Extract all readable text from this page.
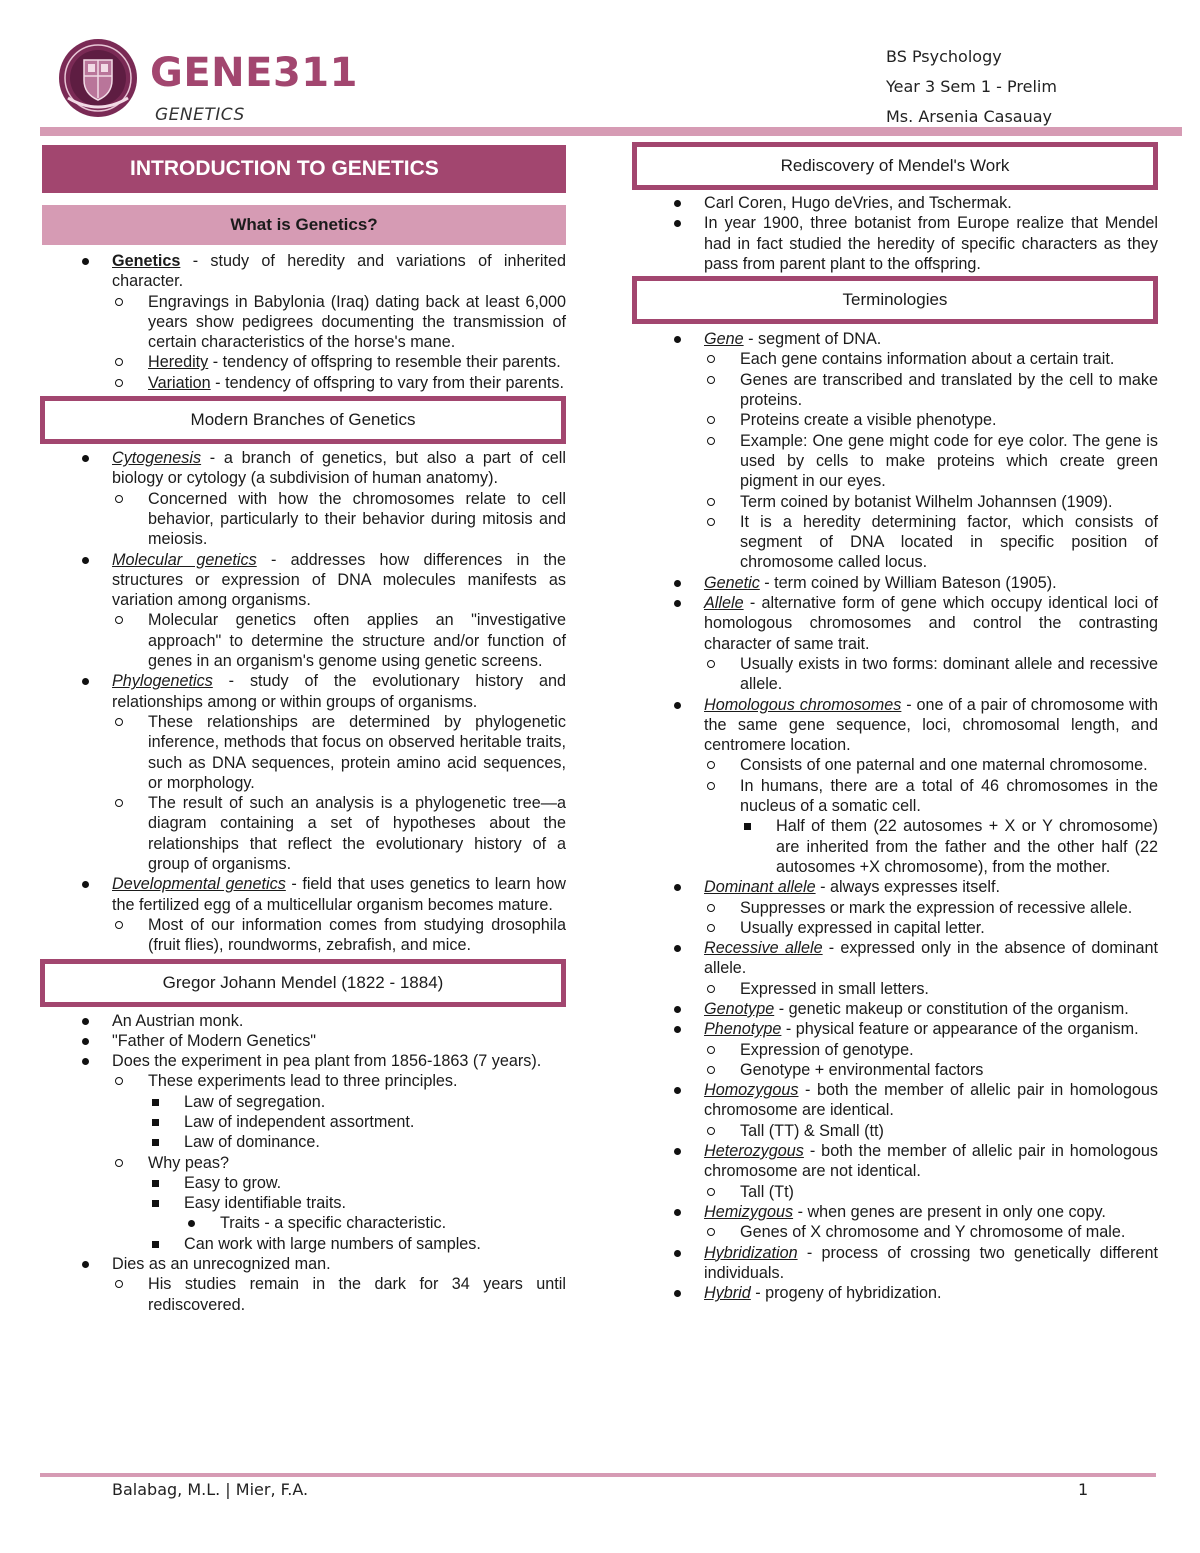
GENE311
GENETICS
BS Psychology
Year 3 Sem 1 - Prelim
Ms. Arsenia Casauay
INTRODUCTION TO GENETICS
What is Genetics?
Genetics - study of heredity and variations of inherited character.
Engravings in Babylonia (Iraq) dating back at least 6,000 years show pedigrees documenting the transmission of certain characteristics of the horse's mane.
Heredity - tendency of offspring to resemble their parents.
Variation - tendency of offspring to vary from their parents.
Modern Branches of Genetics
Cytogenesis - a branch of genetics, but also a part of cell biology or cytology (a subdivision of human anatomy).
Concerned with how the chromosomes relate to cell behavior, particularly to their behavior during mitosis and meiosis.
Molecular genetics - addresses how differences in the structures or expression of DNA molecules manifests as variation among organisms.
Molecular genetics often applies an "investigative approach" to determine the structure and/or function of genes in an organism's genome using genetic screens.
Phylogenetics - study of the evolutionary history and relationships among or within groups of organisms.
These relationships are determined by phylogenetic inference, methods that focus on observed heritable traits, such as DNA sequences, protein amino acid sequences, or morphology.
The result of such an analysis is a phylogenetic tree—a diagram containing a set of hypotheses about the relationships that reflect the evolutionary history of a group of organisms.
Developmental genetics - field that uses genetics to learn how the fertilized egg of a multicellular organism becomes mature.
Most of our information comes from studying drosophila (fruit flies), roundworms, zebrafish, and mice.
Gregor Johann Mendel (1822 - 1884)
An Austrian monk.
"Father of Modern Genetics"
Does the experiment in pea plant from 1856-1863 (7 years).
These experiments lead to three principles.
Law of segregation.
Law of independent assortment.
Law of dominance.
Why peas?
Easy to grow.
Easy identifiable traits.
Traits - a specific characteristic.
Can work with large numbers of samples.
Dies as an unrecognized man.
His studies remain in the dark for 34 years until rediscovered.
Rediscovery of Mendel's Work
Carl Coren, Hugo deVries, and Tschermak.
In year 1900, three botanist from Europe realize that Mendel had in fact studied the heredity of specific characters as they pass from parent plant to the offspring.
Terminologies
Gene - segment of DNA.
Each gene contains information about a certain trait.
Genes are transcribed and translated by the cell to make proteins.
Proteins create a visible phenotype.
Example: One gene might code for eye color. The gene is used by cells to make proteins which create green pigment in our eyes.
Term coined by botanist Wilhelm Johannsen (1909).
It is a heredity determining factor, which consists of segment of DNA located in specific position of chromosome called locus.
Genetic - term coined by William Bateson (1905).
Allele - alternative form of gene which occupy identical loci of homologous chromosomes and control the contrasting character of same trait.
Usually exists in two forms: dominant allele and recessive allele.
Homologous chromosomes - one of a pair of chromosome with the same gene sequence, loci, chromosomal length, and centromere location.
Consists of one paternal and one maternal chromosome.
In humans, there are a total of 46 chromosomes in the nucleus of a somatic cell.
Half of them (22 autosomes + X or Y chromosome) are inherited from the father and the other half (22 autosomes +X chromosome), from the mother.
Dominant allele - always expresses itself.
Suppresses or mark the expression of recessive allele.
Usually expressed in capital letter.
Recessive allele - expressed only in the absence of dominant allele.
Expressed in small letters.
Genotype - genetic makeup or constitution of the organism.
Phenotype - physical feature or appearance of the organism.
Expression of genotype.
Genotype + environmental factors
Homozygous - both the member of allelic pair in homologous chromosome are identical.
Tall (TT) & Small (tt)
Heterozygous - both the member of allelic pair in homologous chromosome are not identical.
Tall (Tt)
Hemizygous - when genes are present in only one copy.
Genes of X chromosome and Y chromosome of male.
Hybridization - process of crossing two genetically different individuals.
Hybrid - progeny of hybridization.
Balabag, M.L. | Mier, F.A.	1
